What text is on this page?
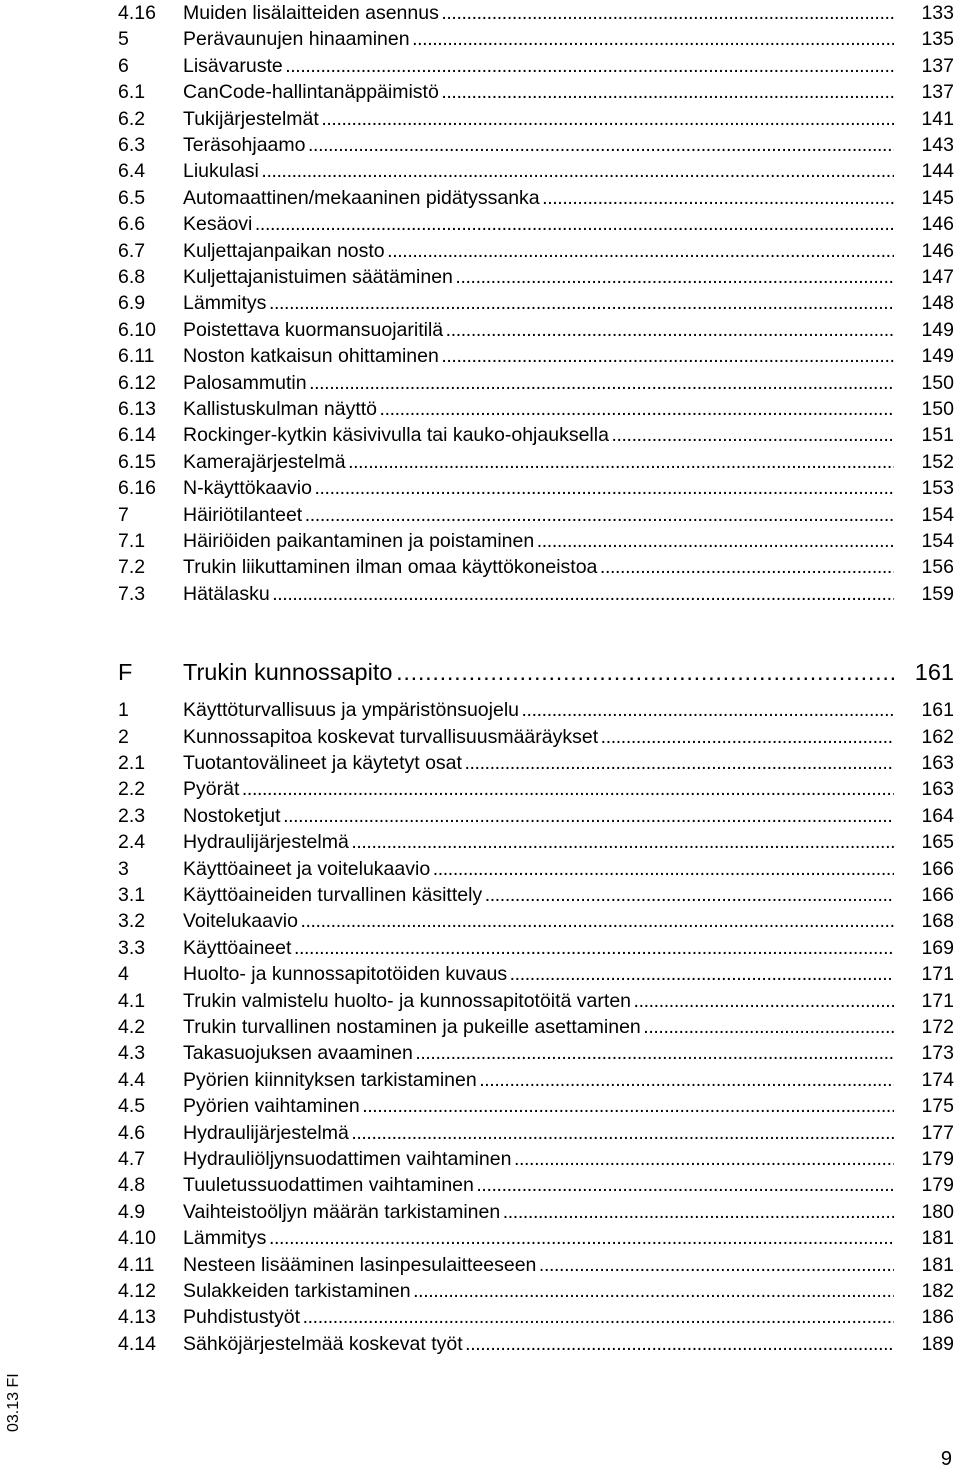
4.16 Muiden lisälaitteiden asennus . . .	133
5	Perävaunujen hinaaminen . . .	135
6	Lisävaruste . . .	137
6.1 CanCode-hallintanäppäimistö . . .	137
6.2 Tukijärjestelmät . . .	141
6.3 Teräsohjaamo . . .	143
6.4 Liukulasi . . .	144
6.5 Automaattinen/mekaaninen pidätyssanka . . .	145
6.6 Kesäovi . . .	146
6.7 Kuljettajanpaikan nosto . . .	146
6.8 Kuljettajanistuimen säätäminen . . .	147
6.9 Lämmitys . . .	148
6.10 Poistettava kuormansuojaritilä . . .	149
6.11 Noston katkaisun ohittaminen . . .	149
6.12 Palosammutin . . .	150
6.13 Kallistuskulman näyttö . . .	150
6.14 Rockinger-kytkin käsivivulla tai kauko-ohjauksella . . .	151
6.15 Kamerajärjestelmä . . .	152
6.16 N-käyttökaavio . . .	153
7	Häiriötilanteet . . .	154
7.1 Häiriöiden paikantaminen ja poistaminen . . .	154
7.2 Trukin liikuttaminen ilman omaa käyttökoneistoa . . .	156
7.3 Hätälasku . . .	159
F Trukin kunnossapito . . .	161
1	Käyttöturvallisuus ja ympäristönsuojelu . . .	161
2	Kunnossapitoa koskevat turvallisuusmääräykset . . .	162
2.1 Tuotantovälineet ja käytetyt osat . . .	163
2.2 Pyörät . . .	163
2.3 Nostoketjut . . .	164
2.4 Hydraulijärjestelmä . . .	165
3	Käyttöaineet ja voitelukaavio . . .	166
3.1 Käyttöaineiden turvallinen käsittely . . .	166
3.2 Voitelukaavio . . .	168
3.3 Käyttöaineet . . .	169
4	Huolto- ja kunnossapitotöiden kuvaus . . .	171
4.1 Trukin valmistelu huolto- ja kunnossapitotöitä varten . . .	171
4.2 Trukin turvallinen nostaminen ja pukeille asettaminen . . .	172
4.3 Takasuojuksen avaaminen . . .	173
4.4 Pyörien kiinnityksen tarkistaminen . . .	174
4.5 Pyörien vaihtaminen . . .	175
4.6 Hydraulijärjestelmä . . .	177
4.7 Hydrauliöljynsuodattimen vaihtaminen . . .	179
4.8 Tuuletussuodattimen vaihtaminen . . .	179
4.9 Vaihteistoöljyn määrän tarkistaminen . . .	180
4.10 Lämmitys . . .	181
4.11 Nesteen lisääminen lasinpesulaitteeseen . . .	181
4.12 Sulakkeiden tarkistaminen . . .	182
4.13 Puhdistustyöt . . .	186
4.14 Sähköjärjestelmää koskevat työt . . .	189
03.13 FI
9
